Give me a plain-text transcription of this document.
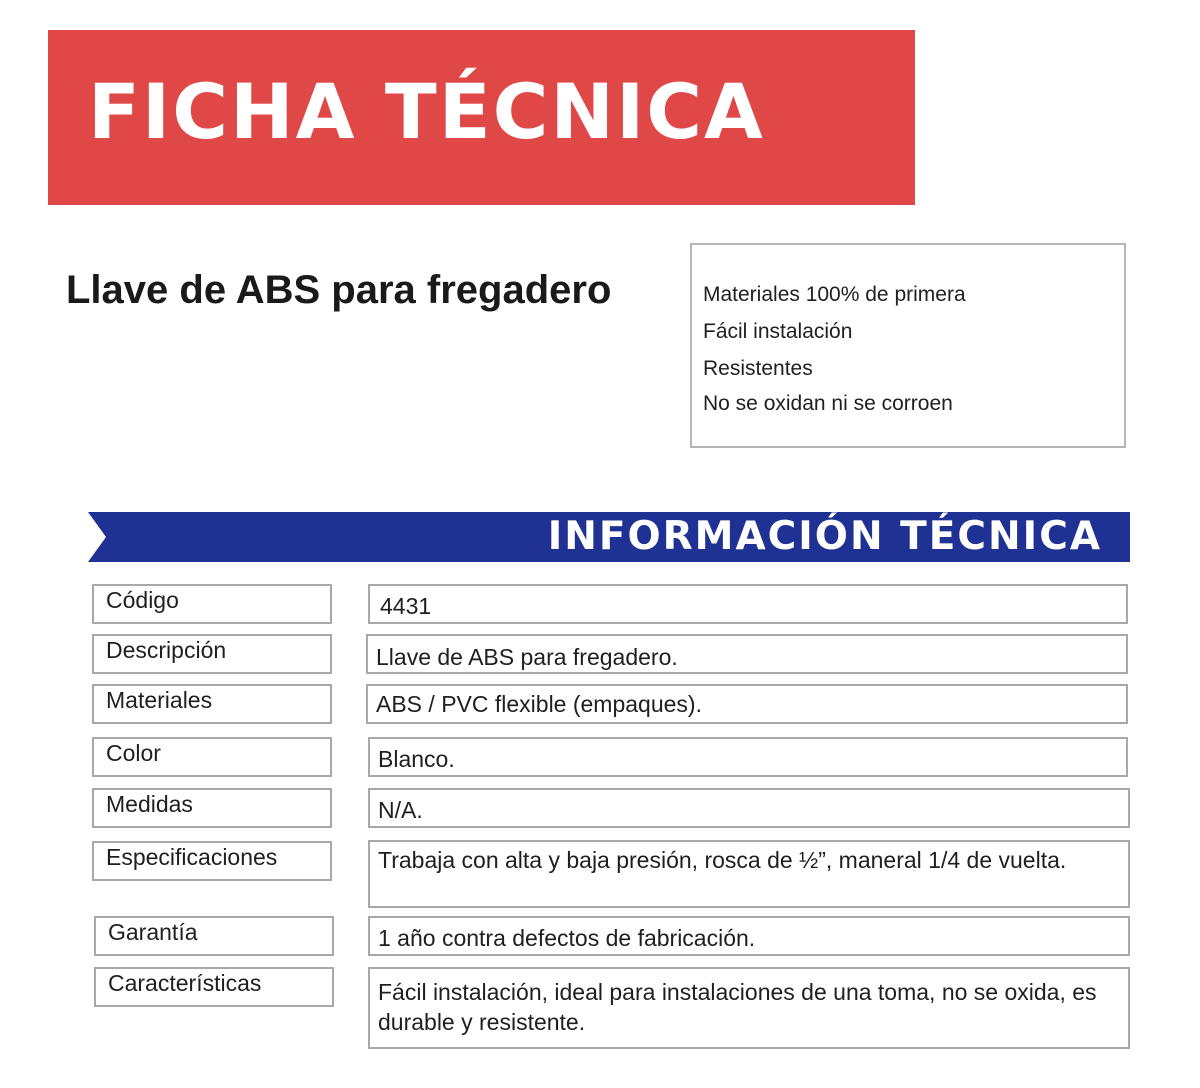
FICHA TÉCNICA
Llave de ABS para fregadero	Materiales 100% de primera
Fácil instalación
Resistentes
No se oxidan ni se corroen
INFORMACIÓN TÉCNICA
Código	4431
Descripción	Llave de ABS para fregadero.
Materiales	ABS / PVC flexible (empaques).
Color	Blanco.
Medidas	N/A.
Especificaciones	Trabaja con alta y baja presión, rosca de ½”, maneral 1/4 de vuelta.
Garantía	1 año contra defectos de fabricación.
Características	Fácil instalación, ideal para instalaciones de una toma, no se oxida, es durable y resistente.
